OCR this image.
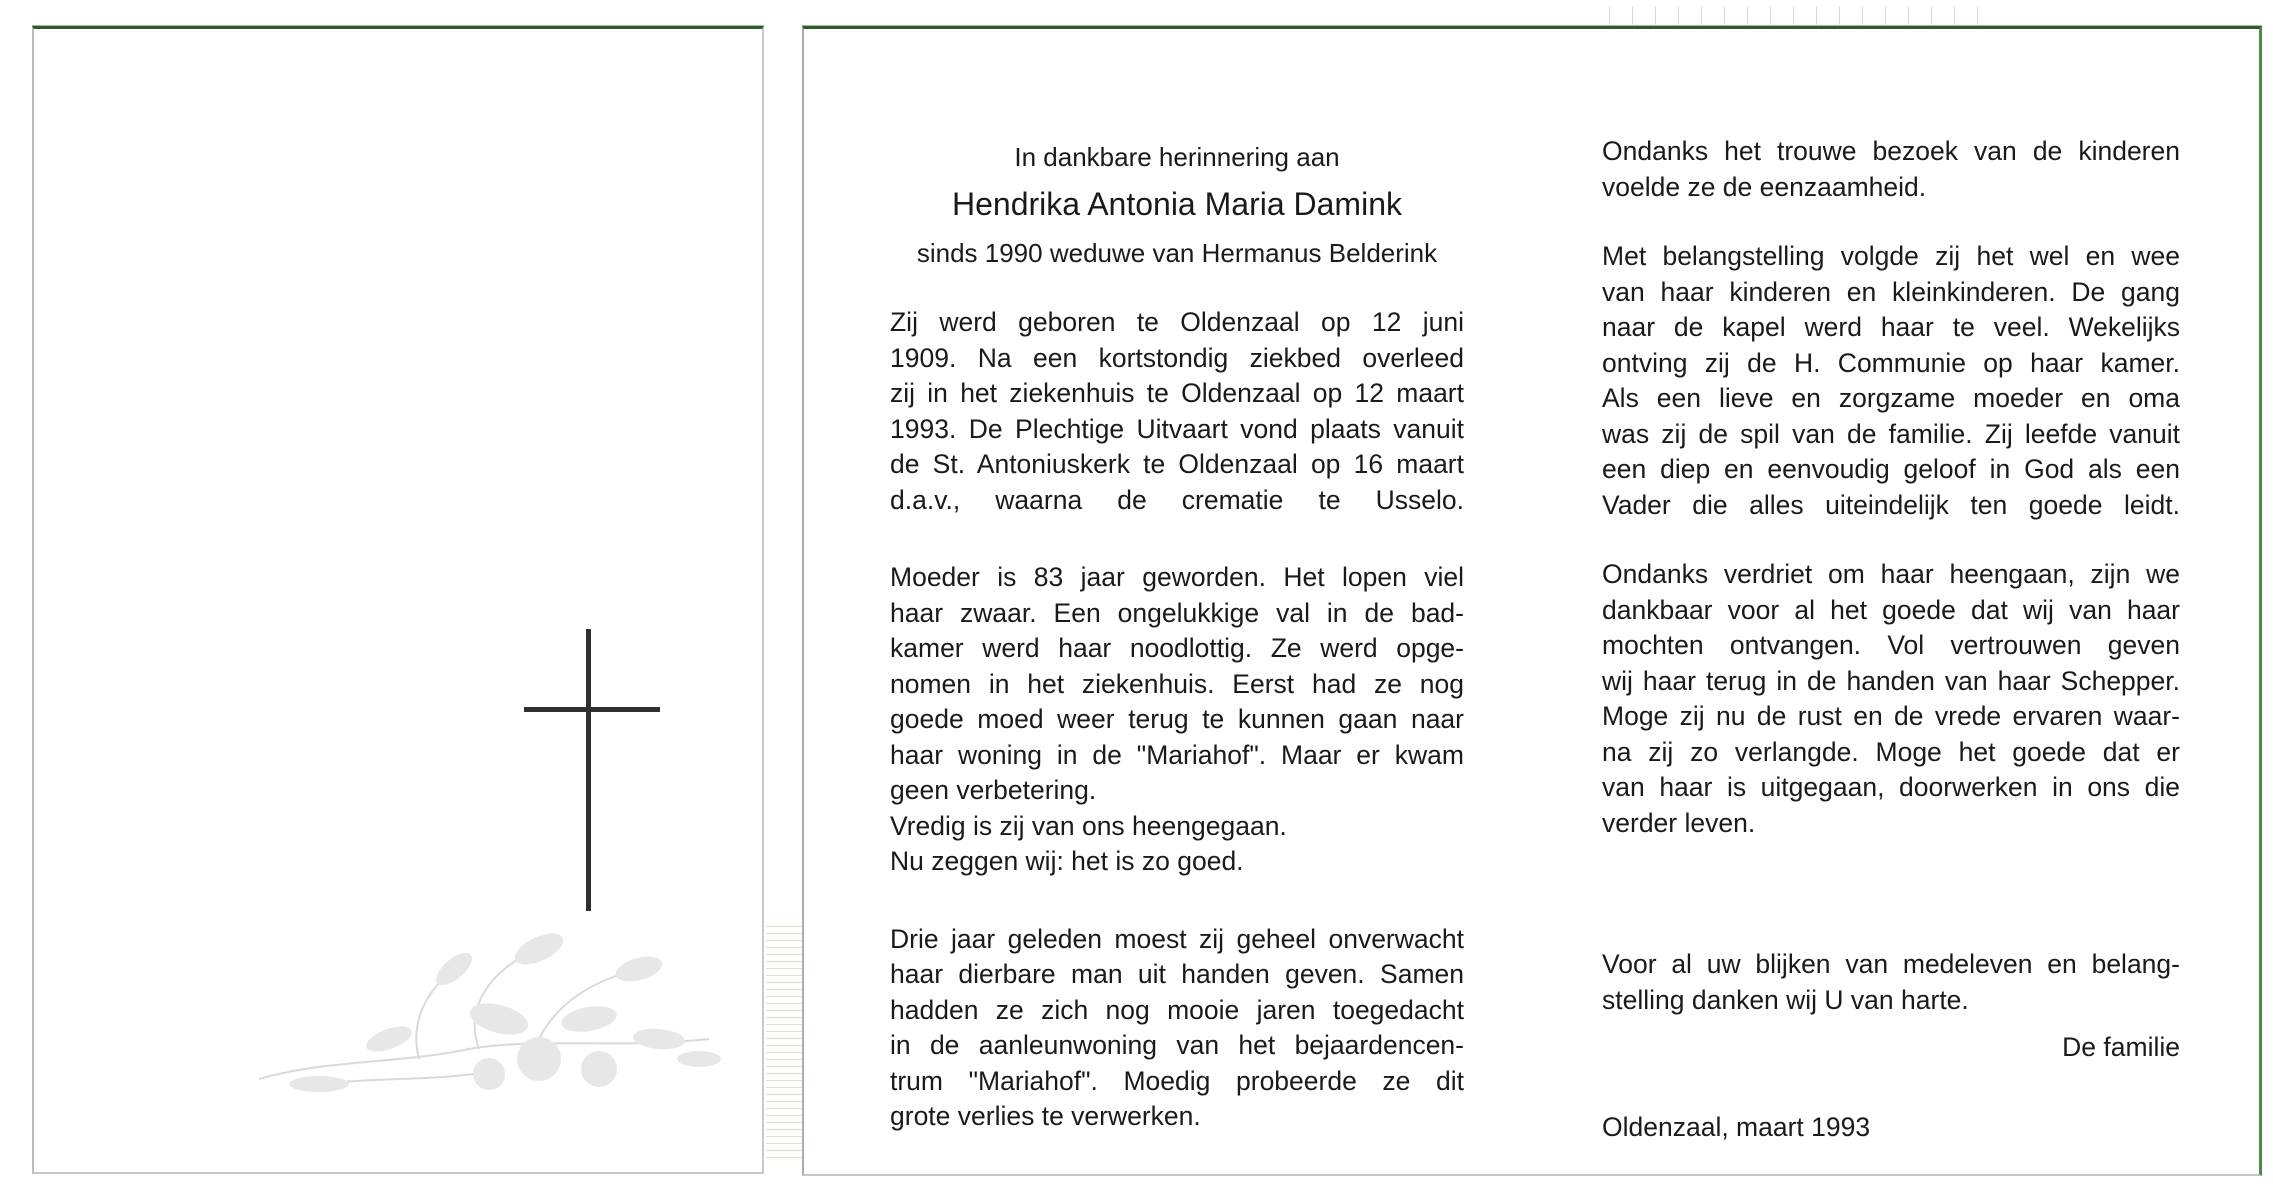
In dankbare herinnering aan

Hendrika Antonia Maria Damink

sinds 1990 weduwe van Hermanus Belderink

Zij werd geboren te Oldenzaal op 12 juni
1909. Na een kortstondig ziekbed overleed
zij in het ziekenhuis te Oldenzaal op 12 maart
1993. De Plechtige Uitvaart vond plaats vanuit
de St. Antoniuskerk te Oldenzaal op 16 maart
d.a.v., waarna de crematie te Usselo.

Moeder is 83 jaar geworden. Het lopen viel
haar zwaar. Een ongelukkige val in de bad-
kamer werd haar noodlottig. Ze werd opge-
nomen in het ziekenhuis. Eerst had ze nog
goede moed weer terug te kunnen gaan naar
haar woning in de "Mariahof". Maar er kwam
geen verbetering.
Vredig is zij van ons heengegaan.
Nu zeggen wij: het is zo goed.

Drie jaar geleden moest zij geheel onverwacht
haar dierbare man uit handen geven. Samen
hadden ze zich nog mooie jaren toegedacht
in de aanleunwoning van het bejaardencen-
trum "Mariahof". Moedig probeerde ze dit
grote verlies te verwerken.

Ondanks het trouwe bezoek van de kinderen
voelde ze de eenzaamheid.

Met belangstelling volgde zij het wel en wee
van haar kinderen en kleinkinderen. De gang
naar de kapel werd haar te veel. Wekelijks
ontving zij de H. Communie op haar kamer.
Als een lieve en zorgzame moeder en oma
was zij de spil van de familie. Zij leefde vanuit
een diep en eenvoudig geloof in God als een
Vader die alles uiteindelijk ten goede leidt.

Ondanks verdriet om haar heengaan, zijn we
dankbaar voor al het goede dat wij van haar
mochten ontvangen. Vol vertrouwen geven
wij haar terug in de handen van haar Schepper.
Moge zij nu de rust en de vrede ervaren waar-
na zij zo verlangde. Moge het goede dat er
van haar is uitgegaan, doorwerken in ons die
verder leven.

Voor al uw blijken van medeleven en belang-
stelling danken wij U van harte.

De familie

Oldenzaal, maart 1993
